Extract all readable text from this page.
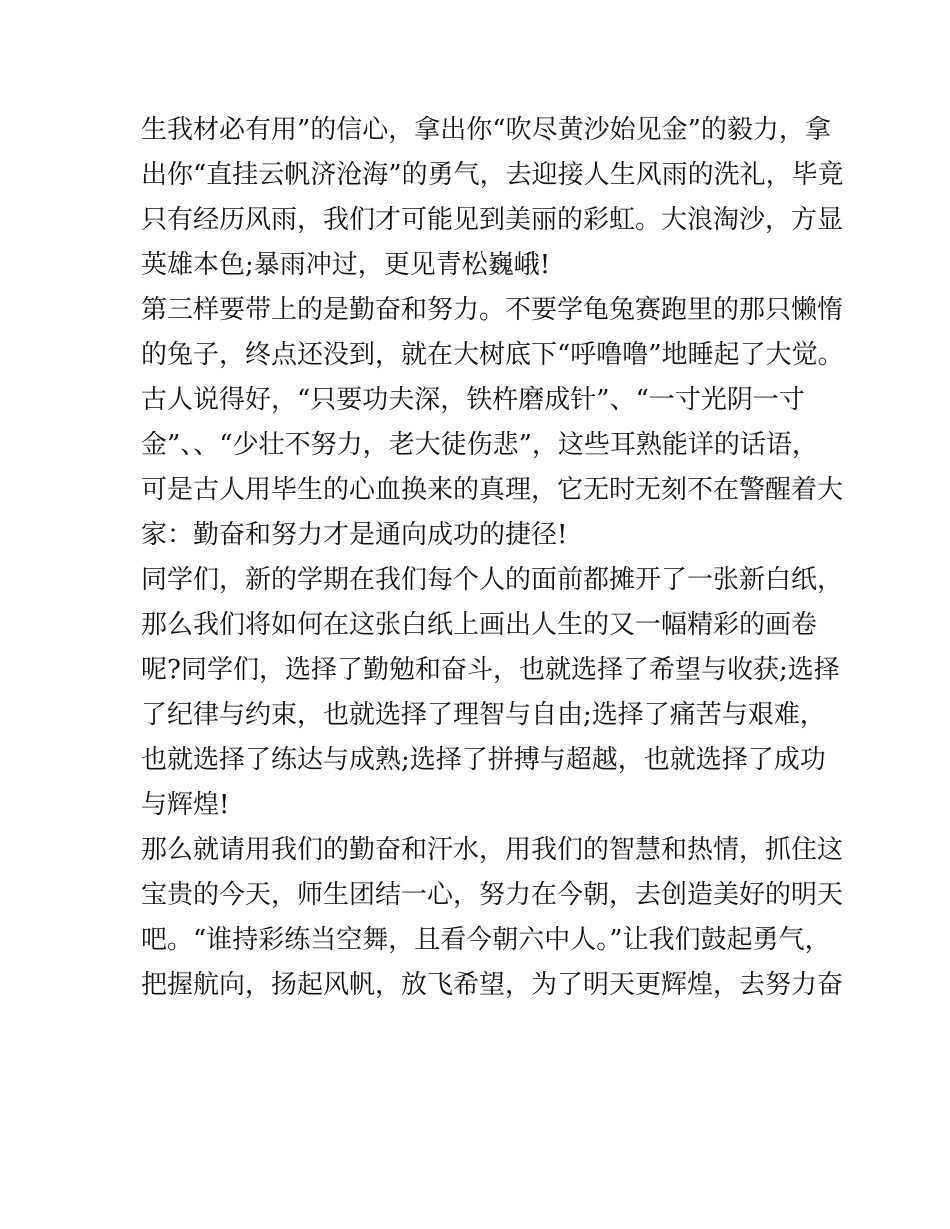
生我材必有用”的信心，拿出你“吹尽黄沙始见金”的毅力，拿
出你“直挂云帆济沧海”的勇气，去迎接人生风雨的洗礼，毕竟
只有经历风雨，我们才可能见到美丽的彩虹。大浪淘沙，方显
英雄本色;暴雨冲过，更见青松巍峨!
第三样要带上的是勤奋和努力。不要学龟兔赛跑里的那只懒惰
的兔子，终点还没到，就在大树底下“呼噜噜”地睡起了大觉。
古人说得好，“只要功夫深，铁杵磨成针”、“一寸光阴一寸
金”、、“少壮不努力，老大徒伤悲”，这些耳熟能详的话语，
可是古人用毕生的心血换来的真理，它无时无刻不在警醒着大
家：勤奋和努力才是通向成功的捷径!
同学们，新的学期在我们每个人的面前都摊开了一张新白纸，
那么我们将如何在这张白纸上画出人生的又一幅精彩的画卷
呢?同学们，选择了勤勉和奋斗，也就选择了希望与收获;选择
了纪律与约束，也就选择了理智与自由;选择了痛苦与艰难，
也就选择了练达与成熟;选择了拼搏与超越，也就选择了成功
与辉煌!
那么就请用我们的勤奋和汗水，用我们的智慧和热情，抓住这
宝贵的今天，师生团结一心，努力在今朝，去创造美好的明天
吧。“谁持彩练当空舞，且看今朝六中人。”让我们鼓起勇气，
把握航向，扬起风帆，放飞希望，为了明天更辉煌，去努力奋
